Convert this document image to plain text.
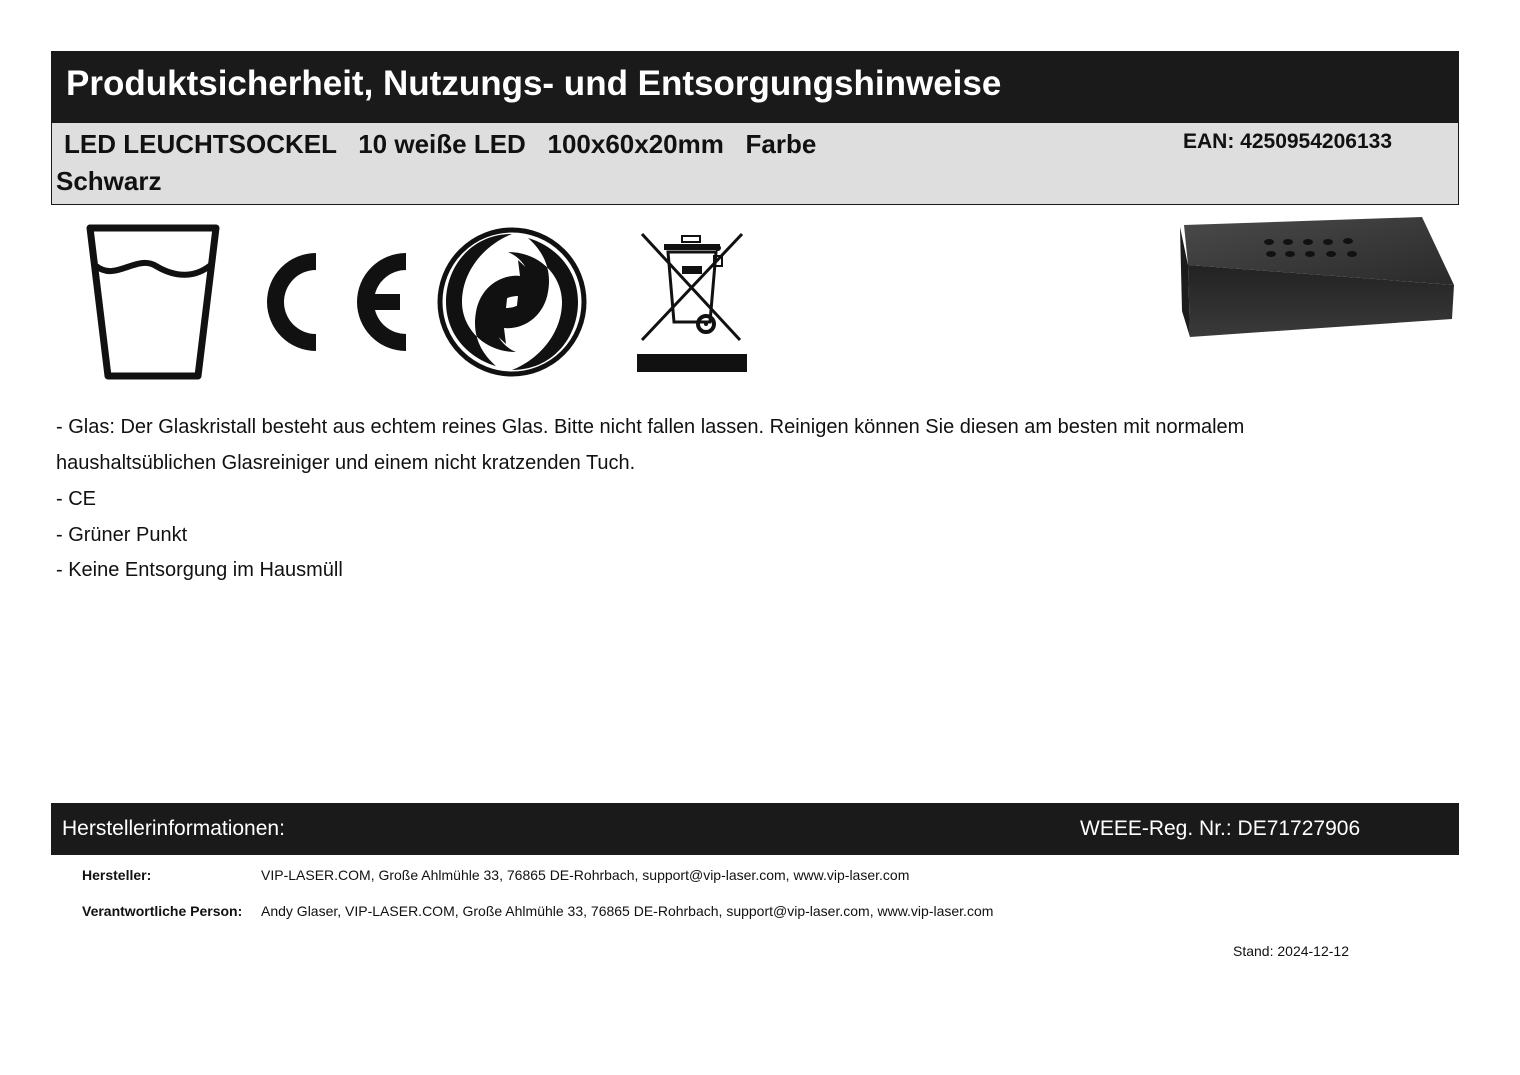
Produktsicherheit, Nutzungs- und Entsorgungshinweise
LED LEUCHTSOCKEL   10 weiße LED   100x60x20mm   Farbe
Schwarz
EAN: 4250954206133
- Glas: Der Glaskristall besteht aus echtem reines Glas. Bitte nicht fallen lassen. Reinigen können Sie diesen am besten mit normalem
haushaltsüblichen Glasreiniger und einem nicht kratzenden Tuch.
- CE
- Grüner Punkt
- Keine Entsorgung im Hausmüll
Herstellerinformationen:	WEEE-Reg. Nr.: DE71727906
Hersteller:	VIP-LASER.COM, Große Ahlmühle 33, 76865 DE-Rohrbach, support@vip-laser.com, www.vip-laser.com
Verantwortliche Person: Andy Glaser, VIP-LASER.COM, Große Ahlmühle 33, 76865 DE-Rohrbach, support@vip-laser.com, www.vip-laser.com
Stand: 2024-12-12
